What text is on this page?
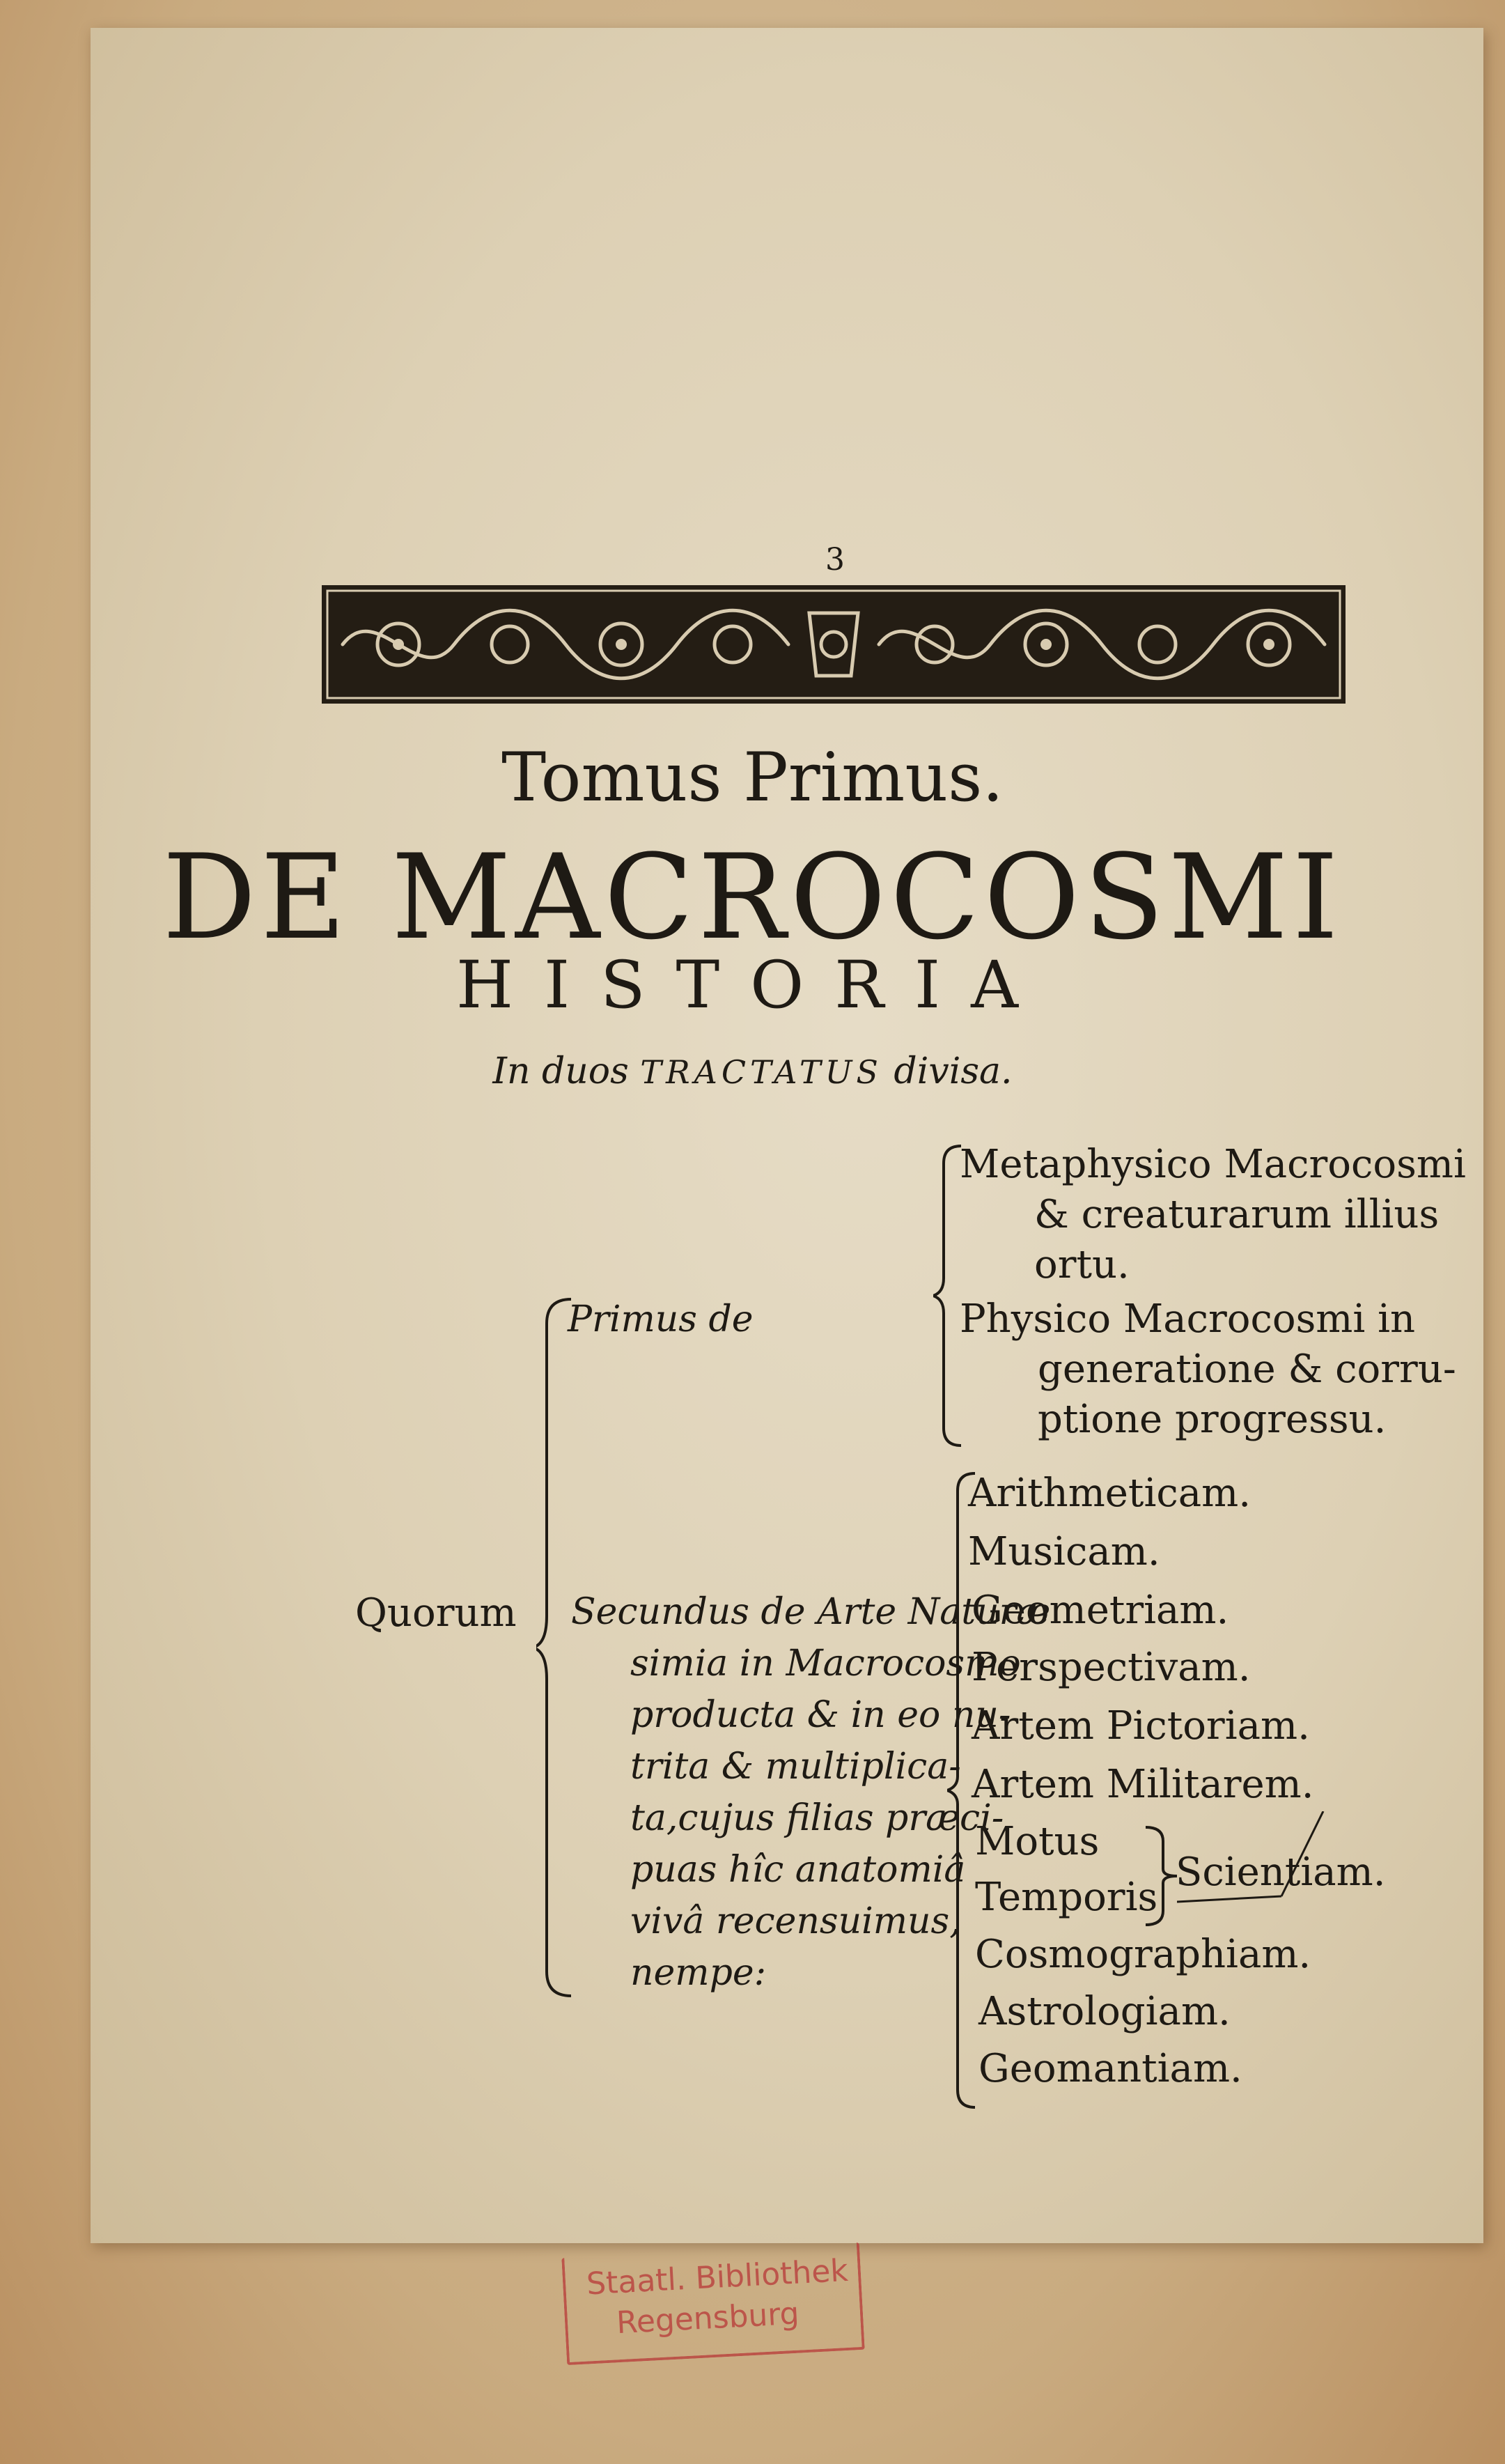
3
Tomus Primus.
DE MACROCOSMI
HISTORIA
In duos TRACTATUS divisa.
Quorum
Primus de
Metaphysico Macrocosmi
& creaturarum illius
ortu.
Physico Macrocosmi in
generatione & corru-
ptione progressu.
Secundus de Arte Naturæ
simia in Macrocosmo
producta & in eo nu-
trita & multiplica-
ta,cujus filias præci-
puas hîc anatomiâ
vivâ recensuimus,
nempe:
Arithmeticam.
Musicam.
Geometriam.
Perspectivam.
Artem Pictoriam.
Artem Militarem.
Motus
Temporis
Scientiam.
Cosmographiam.
Astrologiam.
Geomantiam.
Staatl. Bibliothek
Regensburg
